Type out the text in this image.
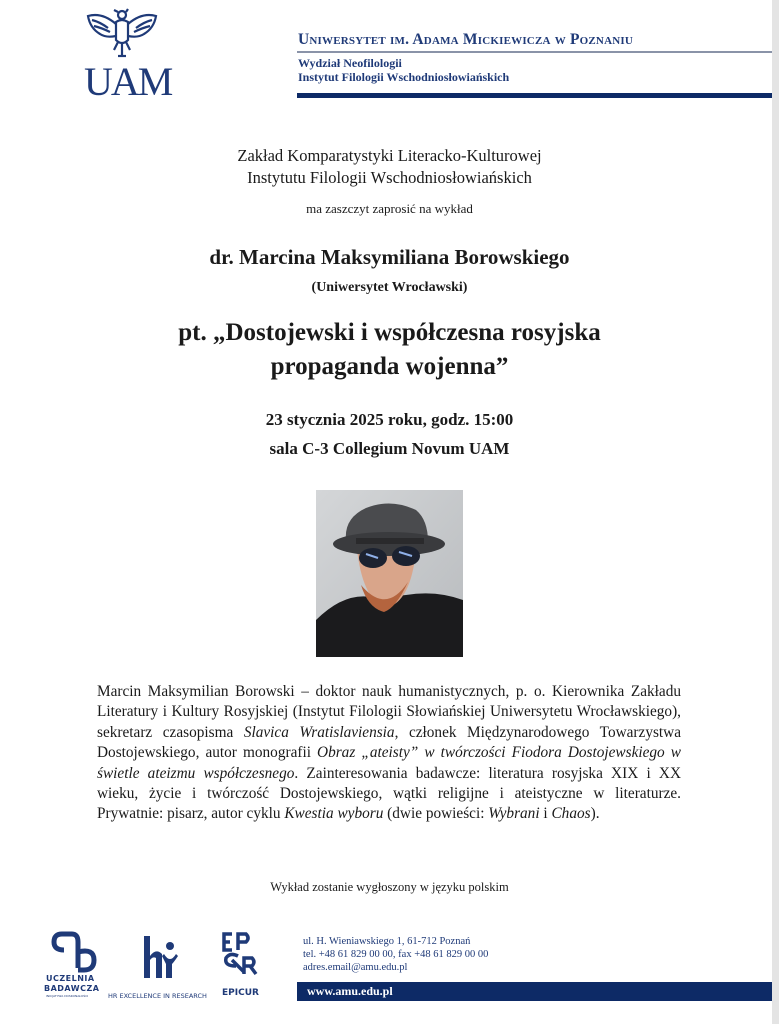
UAM
Uniwersytet im. Adama Mickiewicza w Poznaniu
Wydział Neofilologii
Instytut Filologii Wschodniosłowiańskich
Zakład Komparatystyki Literacko-Kulturowej
Instytutu Filologii Wschodniosłowiańskich
ma zaszczyt zaprosić na wykład
dr. Marcina Maksymiliana Borowskiego
(Uniwersytet Wrocławski)
pt. „Dostojewski i współczesna rosyjska
propaganda wojenna”
23 stycznia 2025 roku, godz. 15:00
sala C-3 Collegium Novum UAM
Marcin Maksymilian Borowski – doktor nauk humanistycznych, p. o. Kierownika Zakładu Literatury i Kultury Rosyjskiej (Instytut Filologii Słowiańskiej Uniwersytetu Wrocławskiego), sekretarz czasopisma Slavica Wratislaviensia, członek Międzynarodowego Towarzystwa Dostojewskiego, autor monografii Obraz „ateisty” w twórczości Fiodora Dostojewskiego w świetle ateizmu współczesnego. Zainteresowania badawcze: literatura rosyjska XIX i XX wieku, życie i twórczość Dostojewskiego, wątki religijne i ateistyczne w literaturze. Prywatnie: pisarz, autor cyklu Kwestia wyboru (dwie powieści: Wybrani i Chaos).
Wykład zostanie wygłoszony w języku polskim
UCZELNIA
BADAWCZA
INICJATYWA DOSKONAŁOŚCI	HR EXCELLENCE IN RESEARCH EPICUR
ul. H. Wieniawskiego 1, 61-712 Poznań
tel. +48 61 829 00 00, fax +48 61 829 00 00
adres.email@amu.edu.pl
www.amu.edu.pl
